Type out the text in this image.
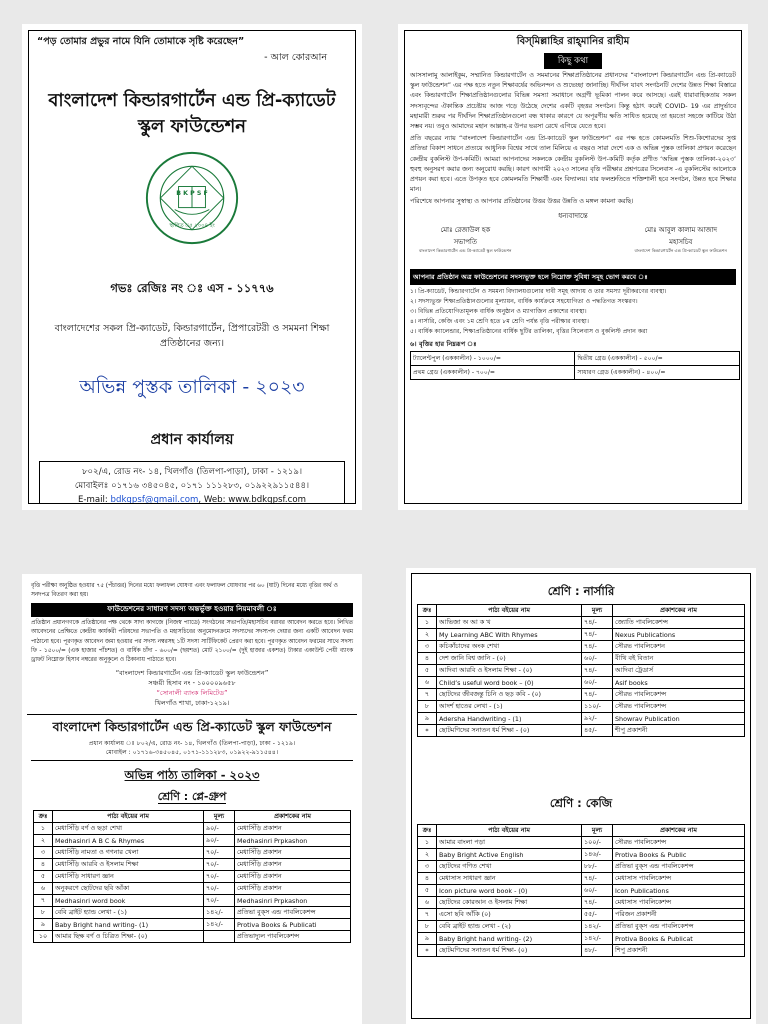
“পড় তোমার প্রভুর নামে যিনি তোমাকে সৃষ্টি করেছেন”
- আল কোরআন
বাংলাদেশ কিন্ডারগার্টেন এন্ড প্রি-ক্যাডেট স্কুল ফাউন্ডেশন
B K P S F
স্থাপিত ঃ ২০০৪ ইং
গভঃ রেজিঃ নং ঃ এস - ১১৭৭৬
বাংলাদেশের সকল প্রি-ক্যাডেট, কিন্ডারগার্টেন, প্রিপারেটরী ও সমমনা শিক্ষা প্রতিষ্ঠানের জন্য।
অভিন্ন পুস্তক তালিকা - ২০২৩
প্রধান কার্যালয়
৮০২/এ, রোড নং- ১৪, খিলগাঁও (তিলপা-পাড়া), ঢাকা - ১২১৯।
মোবাইলঃ ০১৭১৬ ৩৪৫০৪৫, ০১৭১ ১১১২৮৩, ০১৯২২৯১১৫৪৪।
E-mail: bdkgpsf@gmail.com, Web: www.bdkgpsf.com
বিস্‌মিল্লাহির রাহ্‌মানির রাহীম
কিছু কথা
আসসালামু আলাইকুম, সম্মানিত কিন্ডারগার্টেন ও সমমানের শিক্ষাপ্রতিষ্ঠানের প্রধানদের “বাংলাদেশ কিন্ডারগার্টেন এন্ড প্রি-ক্যাডেট স্কুল ফাউন্ডেশন” এর পক্ষ হতে নতুন শিক্ষাবর্ষের অভিনন্দন ও শুভেচ্ছা জানাচ্ছি। দীর্ঘদিন যাবৎ সংগঠনটি দেশের উন্নত শিক্ষা বিস্তারে এবং কিন্ডারগার্টেন শিক্ষাপ্রতিষ্ঠানগুলোর বিভিন্ন সমস্যা সমাধানে অগ্রণী ভূমিকা পালন করে আসছে। এরই ধারাবাহিকতায় সকল সদস্যবৃন্দের ঐকান্তিক প্রচেষ্টায় আজ গড়ে উঠেছে দেশের একটি বৃহত্তর সংগঠন। কিন্তু হঠাৎ করেই COVID- 19 এর প্রাদুর্ভাবে মহামারী শুরুর পর দীর্ঘদিন শিক্ষাপ্রতিষ্ঠানগুলো বন্ধ থাকার কারণে যে অপূরণীয় ক্ষতি সাধিত হয়েছে তা হয়তো সহজে কাটিয়ে উঠা সম্ভব নয়। তবুও আমাদের মহান আল্লাহ-র উপর ভরসা রেখে এগিয়ে যেতে হবে।
প্রতি বছরের ন্যায় “বাংলাদেশ কিন্ডারগার্টেন এন্ড প্রি-ক্যাডেট স্কুল ফাউন্ডেশন” এর পক্ষ হতে কোমলমতি শিশু-কিশোরদের সুপ্ত প্রতিভা বিকাশ সাধনে প্রত্যয়ে আধুনিক বিশ্বের সাথে তাল মিলিয়ে এ বছরও সারা দেশে এক ও অভিন্ন পুস্তক তালিকা প্রণয়ন করেছেন কেন্দ্রীয় বুকলিস্ট উপ-কমিটি। আমরা আপনাদের সকলকে কেন্দ্রীয় বুকলিস্ট উপ-কমিটি কর্তৃক প্রণীত ‘অভিন্ন পুস্তক তালিকা-২০২৩’ হুবহু অনুসরণ করার জন্য অনুরোধ করছি। কারণ আগামী ২০২৩ সালের বৃত্তি পরীক্ষার প্রশ্নপত্রের সিলেবাস -এ বুকলিস্টের আলোকে প্রণয়ন করা হবে। এতে উপকৃত হবে কোমলমতি শিক্ষার্থী এবং বিদ্যালয়। যার ফলশ্রুতিতে শক্তিশালী হবে সংগঠন, উন্নত হবে শিক্ষার মান।
পরিশেষে আপনার সুস্বাস্থ্য ও আপনার প্রতিষ্ঠানের উত্তর উত্তর উন্নতি ও মঙ্গল কামনা করছি।
ধন্যবাদান্তে
মোঃ রেজাউল হক
সভাপতি
বাংলাদেশ কিন্ডারগার্টেন এন্ড প্রি-ক্যাডেট স্কুল ফাউন্ডেশন
মোঃ আবুল কালাম আজাদ
মহাসচিব
বাংলাদেশ কিন্ডারগার্টেন এন্ড প্রি-ক্যাডেট স্কুল ফাউন্ডেশন
আপনার প্রতিষ্ঠান অত্র ফাউন্ডেশনের সদস্যভুক্ত হলে নিম্নোক্ত সুবিধা সমূহ ভোগ করবে ঃ
১। প্রি-ক্যাডেট, কিন্ডারগার্টেন ও সমমনা বিদ্যালয়গুলোর দাবী সমূহ আদায় ও তার সমস্যা দূরীকরণের ব্যবস্থা।
২। সদস্যভুক্ত শিক্ষাপ্রতিষ্ঠানগুলোর মূল্যায়ন, বার্ষিক কার্যক্রমে সহযোগিতা ও পদ্ধতিগত সংস্করণ।
৩। বিভিন্ন প্রতিযোগিতামূলক বার্ষিক অনুষ্ঠান ও ম্যাগাজিন প্রকাশের ব্যবস্থা।
৪। নার্সারি, কেজি এবং ১ম শ্রেণি হতে ৮ম শ্রেণি পর্যন্ত বৃত্তি পরীক্ষার ব্যবস্থা।
৫। বার্ষিক ক্যালেন্ডার, শিক্ষাপ্রতিষ্ঠানের বার্ষিক ছুটির তালিকা, বৃত্তির সিলেবাস ও বুকলিস্ট প্রদান করা
৬। বৃত্তির হার নিম্নরূপ ঃ
ট্যালেন্টপুল (এককালীন) - ১০০০/=	দ্বিতীয় গ্রেড (এককালীন) - ৫০০/=
প্রথম গ্রেড (এককালীন) - ৭০০/=	সাধারণ গ্রেড (এককালীন) - ৪০০/=
বৃত্তি পরীক্ষা অনুষ্ঠিত হওয়ার ৭৫ (পঁচাত্তর) দিনের মধ্যে ফলাফল ঘোষণা এবং ফলাফল ঘোষণার পর ৬০ (ষাট) দিনের মধ্যে বৃত্তির অর্থ ও সনদপত্র বিতরণ করা হয়।
ফাউন্ডেশনের সাধারণ সদস্য অন্তর্ভুক্ত হওয়ার নিয়মাবলী ঃ
প্রতিষ্ঠান প্রধানগণকে প্রতিষ্ঠানের পক্ষ থেকে সাদা কাগজে (নিজস্ব প্যাডে) সংগঠনের সভাপতি/মহাসচিব বরাবর আবেদন করতে হবে। লিখিত আবেদনের প্রেক্ষিতে কেন্দ্রীয় কার্যকরী পরিষদের সভাপতি ও মহাসচিবের অনুমোদনক্রমে সদস্যদের সদস্যপদ দেয়ার জন্য একটি আবেদন ফরম পাঠানো হবে। পূরণকৃত আবেদন জমা হওয়ার পর সদস্য নম্বরসহ ১টি সদস্য সার্টিফিকেট প্রেরণ করা হবে। পূরণকৃত আবেদন ফরমের সাথে সদস্য ফি - ১৫০০/= (এক হাজার পাঁচশত) ও বার্ষিক চাঁদা - ৬০০/= (ছয়শত) মোট ২১০০/= (দুই হাজার একশত) টাকার একাউন্ট পেয়ী ব্যাংক ড্রাফট নিম্নোক্ত হিসাব নম্বরের অনুকূলে ও ঠিকানায় পাঠাতে হবে।
“বাংলাদেশ কিন্ডারগার্টেন এন্ড প্রি-ক্যাডেট স্কুল ফাউন্ডেশন”
সঞ্চয়ী হিসাব নং - ১০০০০৯৬৫৮
“সোনালী ব্যাংক লিমিটেড”
খিলগাঁও শাখা, ঢাকা-১২১৯।
বাংলাদেশ কিন্ডারগার্টেন এন্ড প্রি-ক্যাডেট স্কুল ফাউন্ডেশন
প্রধান কার্যালয় ঃ ৮০২/এ, রোড নং- ১৪, খিলগাঁও (তিলপা-পাড়া), ঢাকা - ১২১৯।
মোবাইল : ০১৭১৬-৩৪৫০৪৫, ০১৭১-১১১২৮৩, ০১৯২২-৯১১৫৪৪।
অভিন্ন পাঠ্য তালিকা - ২০২৩
শ্রেণি : প্লে-গ্রুপ
ক্রঃ	পাঠ্য বইয়ের নাম	মূল্য	প্রকাশকের নাম
১	মেধাসিঁড়ি বর্ণ ও ছড়া শেখা	৯০/-	মেধাসিঁড়ি প্রকাশন
২	Medhasinri A B C & Rhymes	৯০/-	Medhasinri Prpkashon
৩	মেধাসিঁড়ি নামতা ও গণনার খেলা	৭০/-	মেধাসিঁড়ি প্রকাশন
৪	মেধাসিঁড়ি আরবি ও ইসলাম শিক্ষা	৭০/-	মেধাসিঁড়ি প্রকাশন
৫	মেধাসিঁড়ি সাধারণ জ্ঞান	৭০/-	মেধাসিঁড়ি প্রকাশন
৬	অনুকরণে ছোটদের ছবি আঁকা	৭০/-	মেধাসিঁড়ি প্রকাশন
৭	Medhasinri word book	৭০/-	Medhasinri Prpkashon
৮	বেবি ব্রাইট হ্যান্ড লেখা - (১)	১৪২/-	প্রতিভা বুক্‌স এন্ড পাবলিকেশন্স
৯	Baby Bright hand writing- (1)	১৪২/-	Protiva Books & Publicati
১০	আমার ছিক্ষ বর্ণ ও চিত্রিত শিক্ষা- (০)		প্রতিভাদ্যুল পাবলিকেশন্স
শ্রেণি : নার্সারি
ক্রঃ	পাঠ্য বইয়ের নাম	মূল্য	প্রকাশকের নাম
১	আভিজা অ আ ক খ	৭৪/-	জ্যোতি পাবলিকেশন্স
২	My Learning ABC With Rhymes	৭৪/-	Nexus Publications
৩	কচিকাঁচাদের অংক শেখা	৭৪/-	সৌরভ পাবলিকেশন
৪	দেশ জানি বিশ্ব জানি - (০)	৬০/-	বীথি বই বিতান
৫	আদিবা আরবি ও ইসলাম শিক্ষা - (০)	৭৪/-	আদিবা ট্রেডার্স
৬	Child’s useful word book – (0)	৬০/-	Asif books
৭	ছোটদের জীবজন্তু চিনি ও ছড় কবি - (০)	৭৪/-	সৌরভ পাবলিকেশন্স
৮	আদর্শ হাতের লেখা - (১)	১১০/-	সৌরভ পাবলিকেশন্স
৯	Adersha Handwriting - (1)	৯২/-	Showrav Publication
*	ছোটমণিদের সনাতন ধর্ম শিক্ষা - (০)	৪৫/-	শীপু প্রকাশনী
শ্রেণি : কেজি
ক্রঃ	পাঠ্য বইয়ের নাম	মূল্য	প্রকাশকের নাম
১	আমার বাংলা পড়া	১০০/-	সৌরভ পাবলিকেশন্স
২	Baby Bright Active English	১৪৬/-	Protiva Books & Public
৩	ছোটদের গণিত শেখা	৮৮/-	প্রতিভা বুক্‌স এন্ড পাবলিকেশন্স
৪	মেধাসাস সাধারণ জ্ঞান	৭৪/-	মেধাসাস পাবলিকেশন্স
৫	Icon picture word book - (0)	৬০/-	Icon Publications
৬	ছোটদের কোরআন ও ইসলাম শিক্ষা	৭৪/-	মেধাসাস পাবলিকেশন্স
৭	এসো ছবি আঁকি (০)	৫৫/-	পরিজন প্রকাশনী
৮	বেবি ব্রাইট হ্যান্ড লেখা - (২)	১৪২/-	প্রতিভা বুক্‌স এন্ড পাবলিকেশন্স
৯	Baby Bright hand writing- (2)	১৪২/-	Protiva Books & Publicat
*	ছোটমণিদের সনাতন ধর্ম শিক্ষা- (০)	৪৮/-	শিপু প্রকাশনী
